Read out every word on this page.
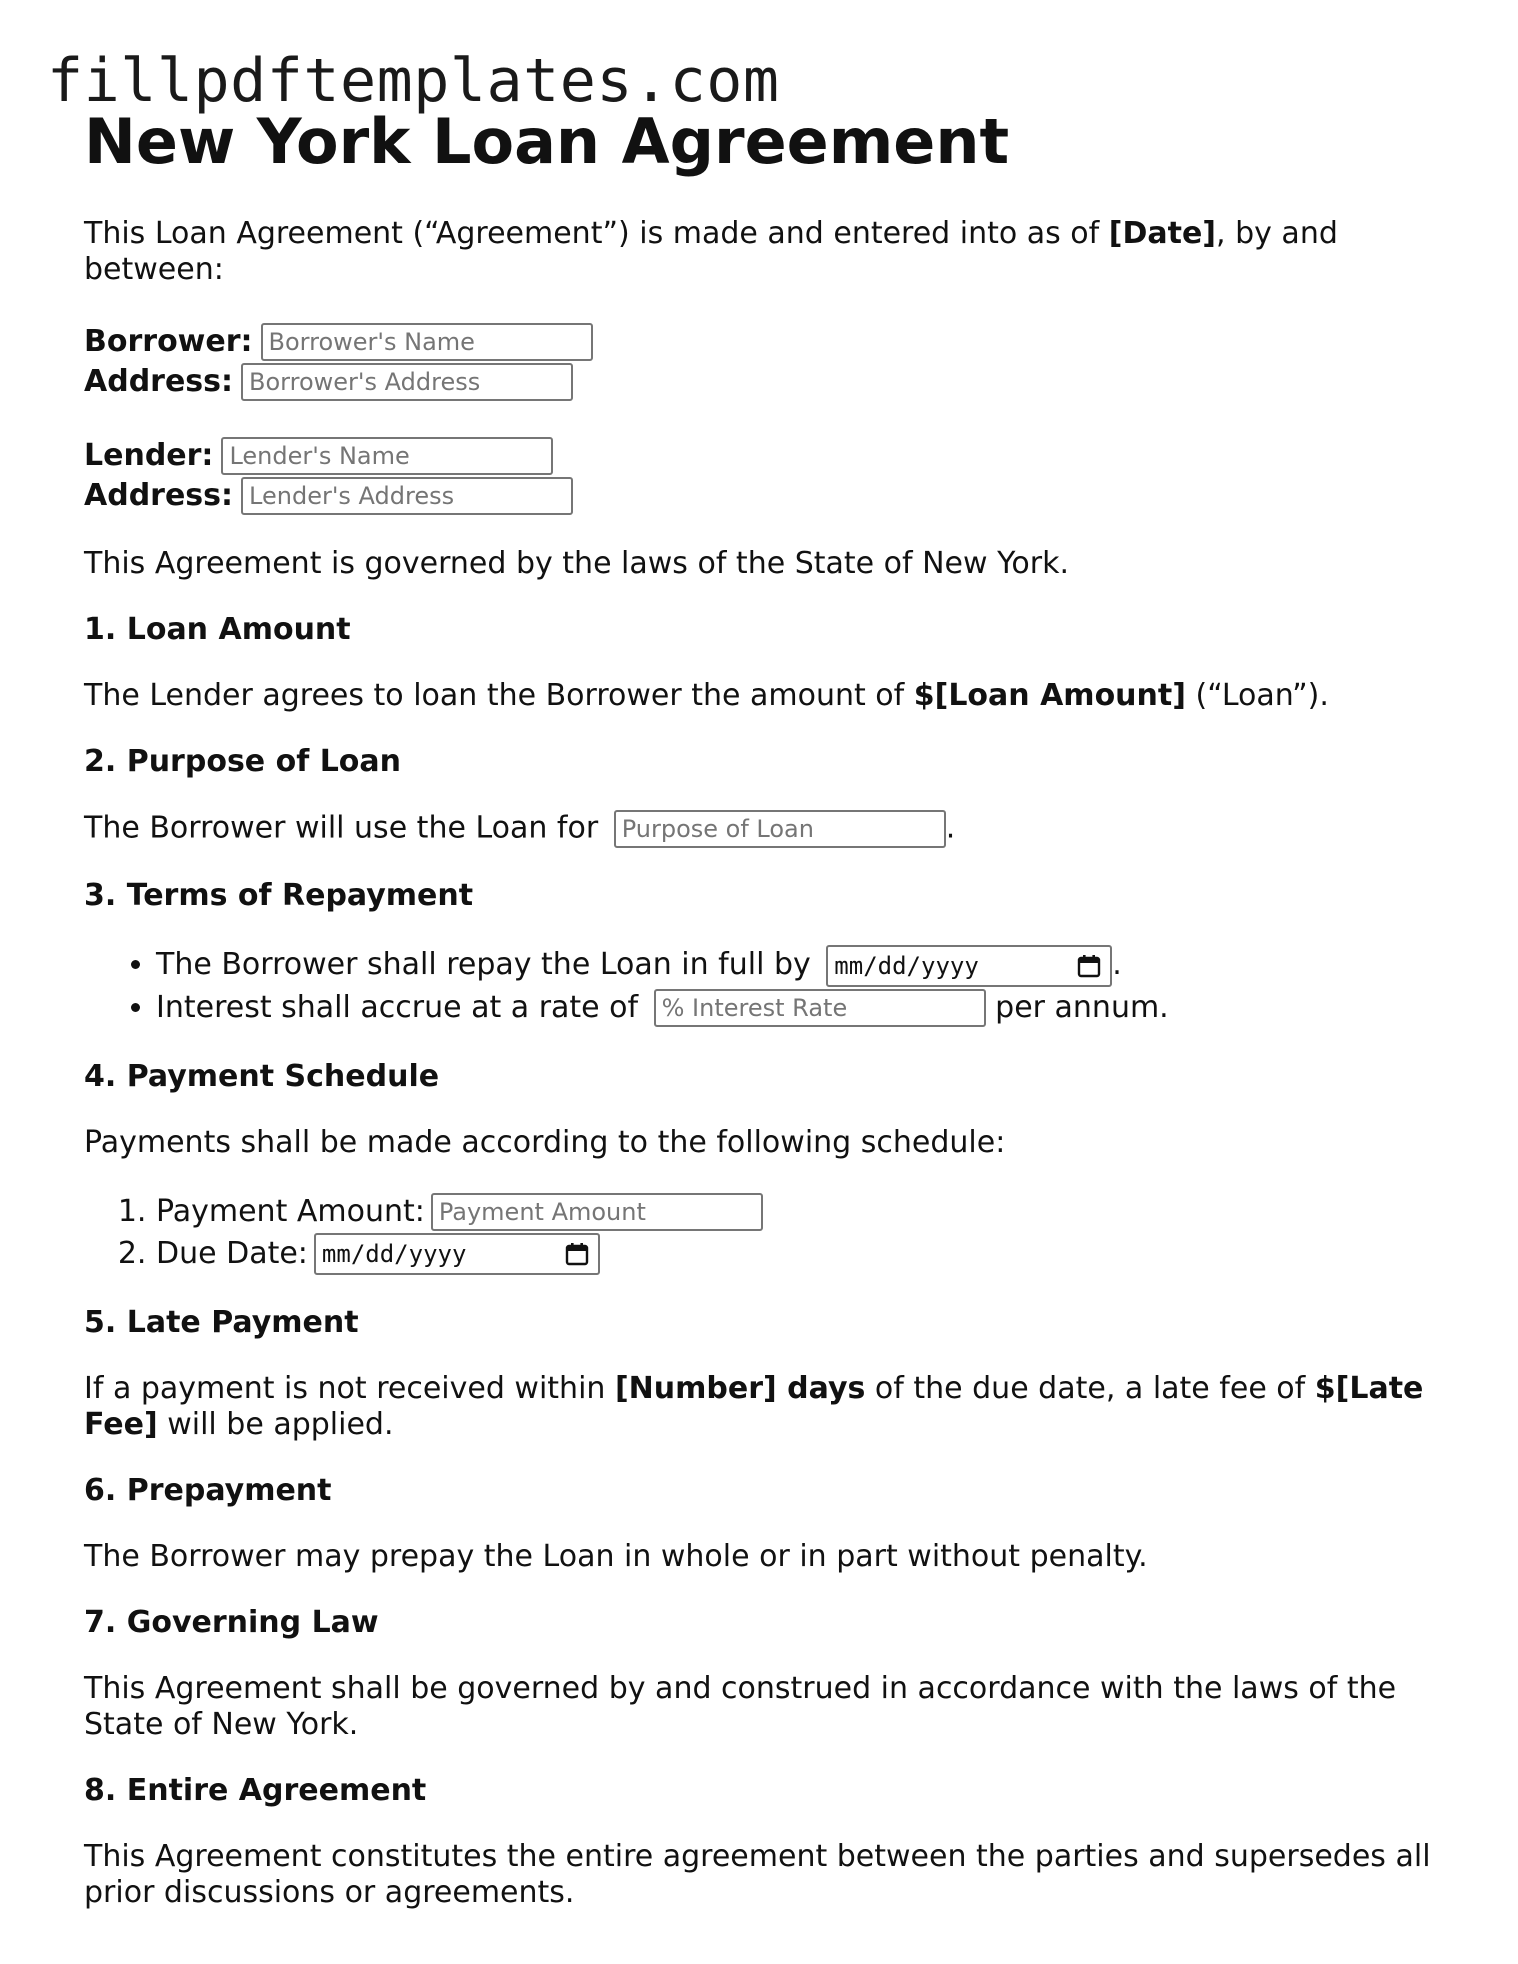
fillpdftemplates.com
New York Loan Agreement

This Loan Agreement (“Agreement”) is made and entered into as of [Date], by and between:

Borrower:
Borrower's Name
Address:
Borrower's Address
Lender:
Lender's Name
Address:
Lender's Address

This Agreement is governed by the laws of the State of New York.

1. Loan Amount

The Lender agrees to loan the Borrower the amount of $[Loan Amount] (“Loan”).

2. Purpose of Loan

The Borrower will use the Loan for Purpose of Loan	.

3. Terms of Repayment
• The Borrower shall repay the Loan in full by mm/dd/yyyy	.
• Interest shall accrue at a rate of % Interest Rate	per annum.
4. Payment Schedule

Payments shall be made according to the following schedule:

1. Payment Amount:Payment Amount
2. Due Date: mm/dd/yyyy
5. Late Payment

If a payment is not received within [Number] days of the due date, a late fee of $[Late Fee] will be applied.

6. Prepayment

The Borrower may prepay the Loan in whole or in part without penalty.

7. Governing Law

This Agreement shall be governed by and construed in accordance with the laws of the State of New York.

8. Entire Agreement

This Agreement constitutes the entire agreement between the parties and supersedes all prior discussions or agreements.
